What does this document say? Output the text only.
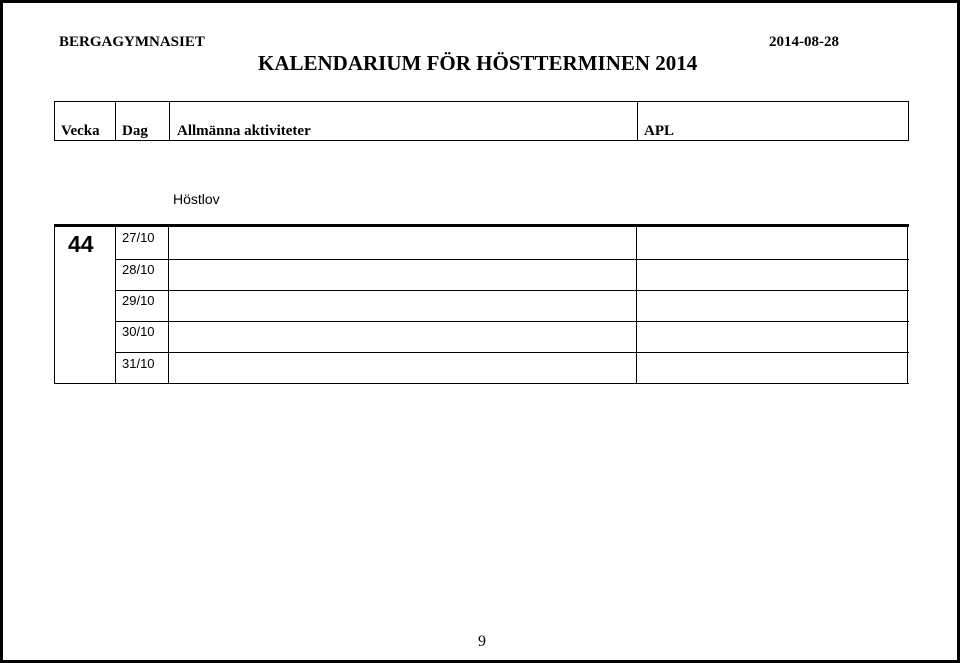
BERGAGYMNASIET
KALENDARIUM FÖR HÖSTTERMINEN 2014
2014-08-28
Vecka Dag Allmänna aktiviteter	APL
Höstlov
44 27/10
28/10
29/10
30/10
31/10
9
